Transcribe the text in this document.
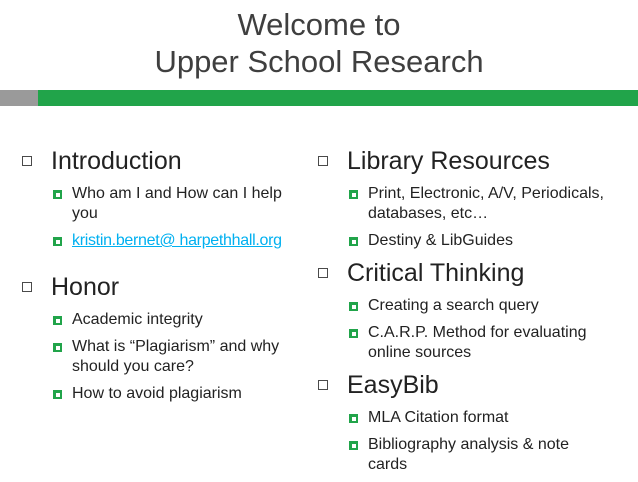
Welcome to
Upper School Research
Introduction
Who am I and How can I help you
kristin.bernet@ harpethhall.org
Honor
Academic integrity
What is “Plagiarism” and why should you care?
How to avoid plagiarism
Library Resources
Print, Electronic, A/V, Periodicals, databases, etc…
Destiny & LibGuides
Critical Thinking
Creating a search query
C.A.R.P. Method for evaluating online sources
EasyBib
MLA Citation format
Bibliography analysis & note cards
